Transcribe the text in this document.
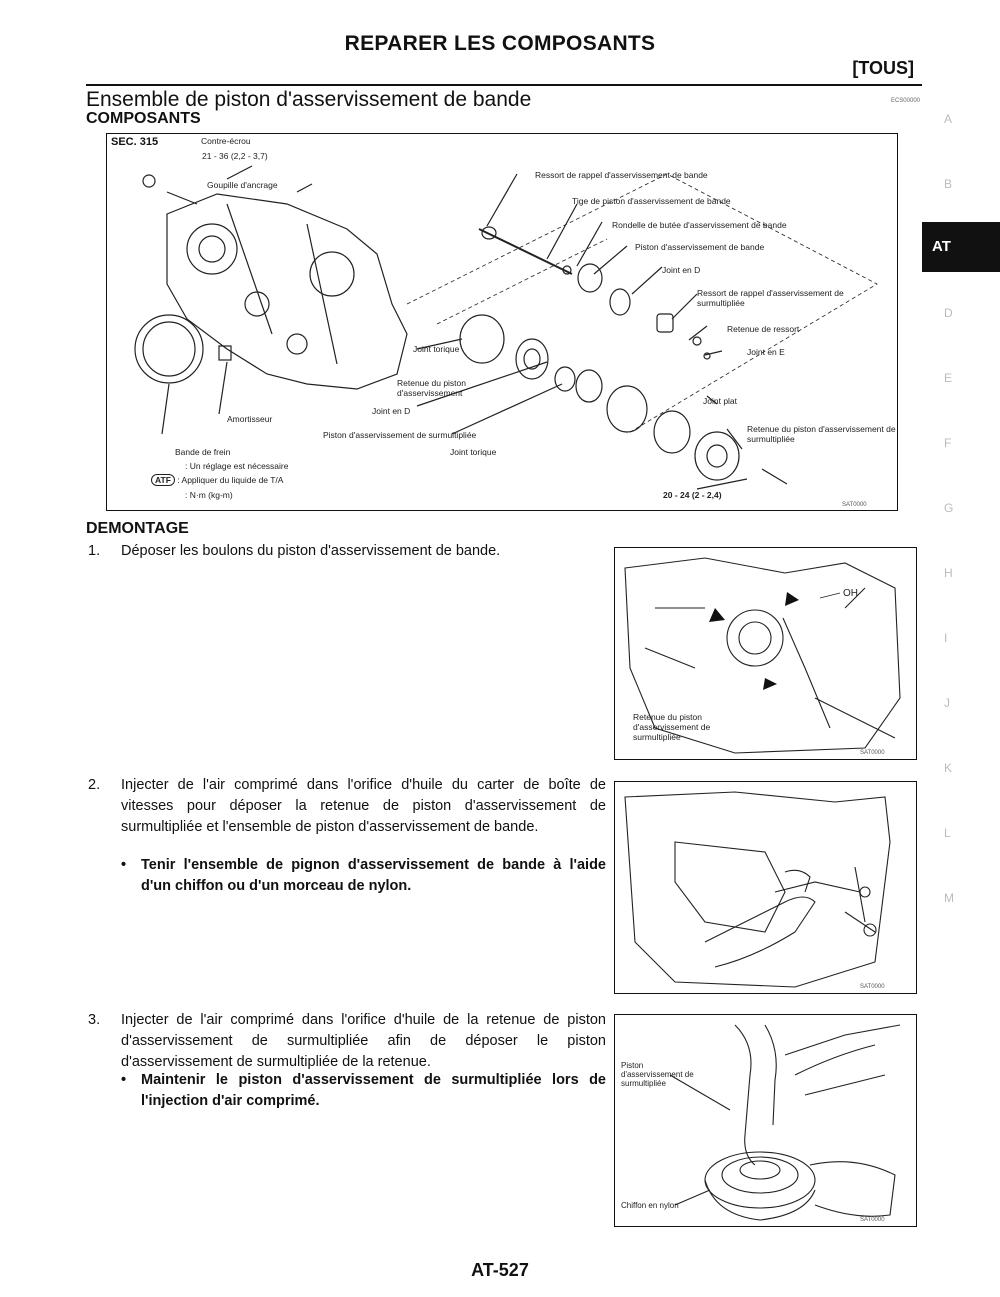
REPARER LES COMPOSANTS
[TOUS]
Ensemble de piston d'asservissement de bande	ECS00000
COMPOSANTS
SEC. 315	Contre-écrou
21 - 36 (2,2 - 3,7)
Goupille d'ancrage
Ressort de rappel d'asservissement de bande
Tige de piston d'asservissement de bande
Rondelle de butée d'asservissement de bande
Piston d'asservissement de bande
Joint en D
Ressort de rappel d'asservissement de surmultipliée
Retenue de ressort
Joint en E
Joint torique
Retenue du piston d'asservissement
Joint en D
Joint plat
Amortisseur
Piston d'asservissement de surmultipliée
Retenue du piston d'asservissement de surmultipliée
Joint torique
Bande de frein
: Un réglage est nécessaire
ATF : Appliquer du liquide de T/A
: N·m (kg-m)	20 - 24 (2 - 2,4)
SAT0000
DEMONTAGE
1. Déposer les boulons du piston d'asservissement de bande.
OH
Retenue du piston d'asservissement de surmultipliée
SAT0000
2. Injecter de l'air comprimé dans l'orifice d'huile du carter de boîte de vitesses pour déposer la retenue de piston d'asservissement de surmultipliée et l'ensemble de piston d'asservissement de bande.
• Tenir l'ensemble de pignon d'asservissement de bande à l'aide d'un chiffon ou d'un morceau de nylon.
SAT0000
3. Injecter de l'air comprimé dans l'orifice d'huile de la retenue de piston d'asservissement de surmultipliée afin de déposer le piston d'asservissement de surmultipliée de la retenue.
• Maintenir le piston d'asservissement de surmultipliée lors de l'injection d'air comprimé.
Piston d'asservissement de surmultipliée
Chiffon en nylon
SAT0000
A
B
AT
D
E
F
G
H
I
J
K
L
M
AT-527
